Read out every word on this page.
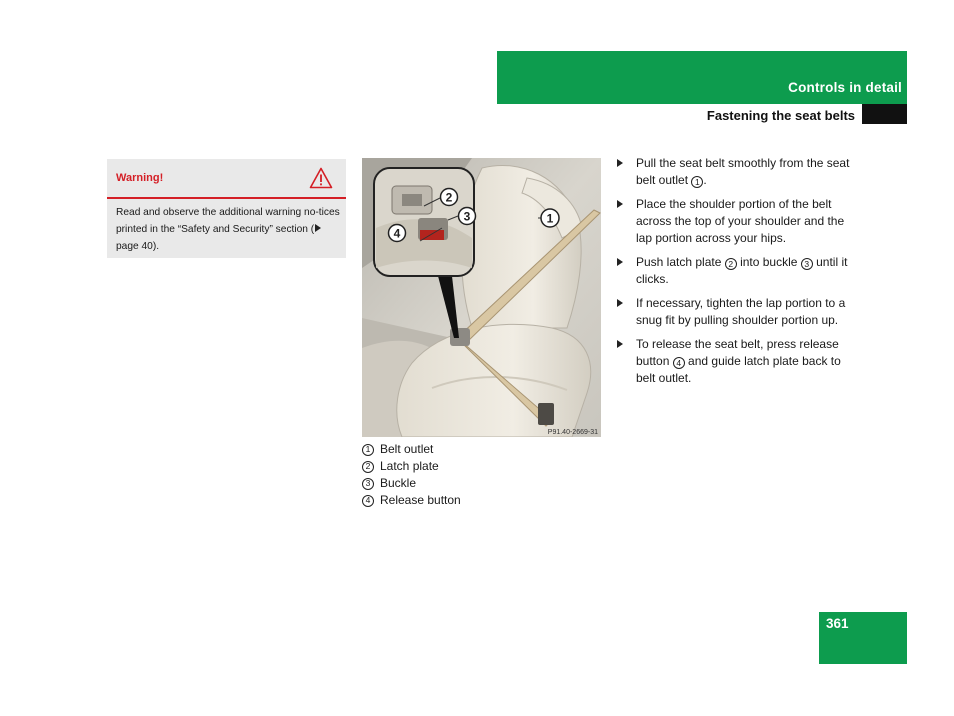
Controls in detail
Fastening the seat belts
Warning!
Read and observe the additional warning no-tices printed in the “Safety and Security” section ( page 40).
2
3
4
1
P91.40-2669-31
1 Belt outlet
2 Latch plate
3 Buckle
4 Release button
Pull the seat belt smoothly from the seat belt outlet 1 .
Place the shoulder portion of the belt across the top of your shoulder and the lap portion across your hips.
Push latch plate 2 into buckle 3 until it clicks.
If necessary, tighten the lap portion to a snug fit by pulling shoulder portion up.
To release the seat belt, press release button 4 and guide latch plate back to belt outlet.
361
